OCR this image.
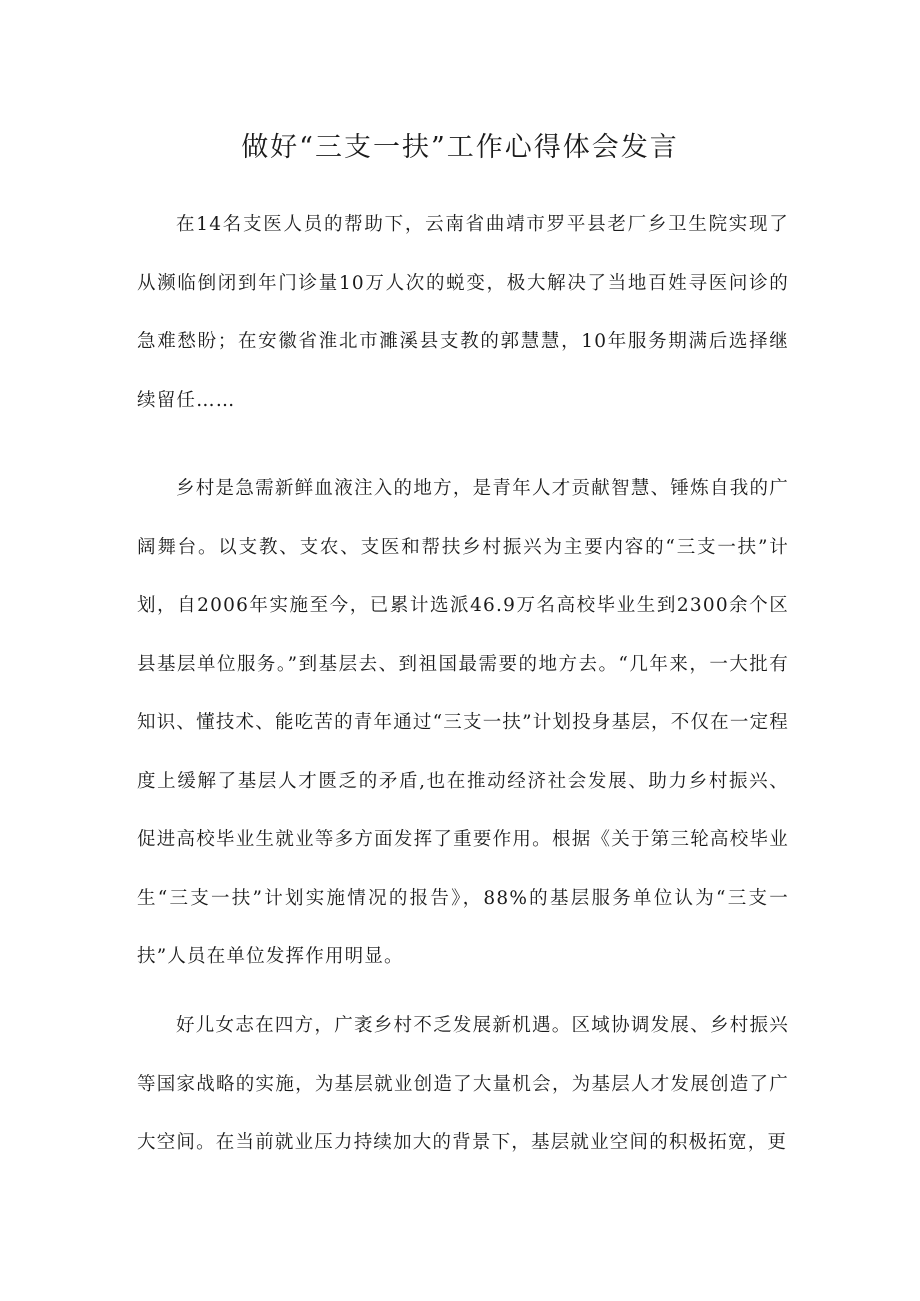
做好“三支一扶”工作心得体会发言

在14名支医人员的帮助下，云南省曲靖市罗平县老厂乡卫生院实现了从濒临倒闭到年门诊量10万人次的蜕变，极大解决了当地百姓寻医问诊的急难愁盼；在安徽省淮北市濉溪县支教的郭慧慧，10年服务期满后选择继续留任……

乡村是急需新鲜血液注入的地方，是青年人才贡献智慧、锤炼自我的广阔舞台。以支教、支农、支医和帮扶乡村振兴为主要内容的“三支一扶”计划，自2006年实施至今，已累计选派46.9万名高校毕业生到2300余个区县基层单位服务。”到基层去、到祖国最需要的地方去。“几年来，一大批有知识、懂技术、能吃苦的青年通过“三支一扶”计划投身基层，不仅在一定程度上缓解了基层人才匮乏的矛盾,也在推动经济社会发展、助力乡村振兴、促进高校毕业生就业等多方面发挥了重要作用。根据《关于第三轮高校毕业生“三支一扶”计划实施情况的报告》，88%的基层服务单位认为“三支一扶”人员在单位发挥作用明显。

好儿女志在四方，广袤乡村不乏发展新机遇。区域协调发展、乡村振兴等国家战略的实施，为基层就业创造了大量机会，为基层人才发展创造了广大空间。在当前就业压力持续加大的背景下，基层就业空间的积极拓宽，更
